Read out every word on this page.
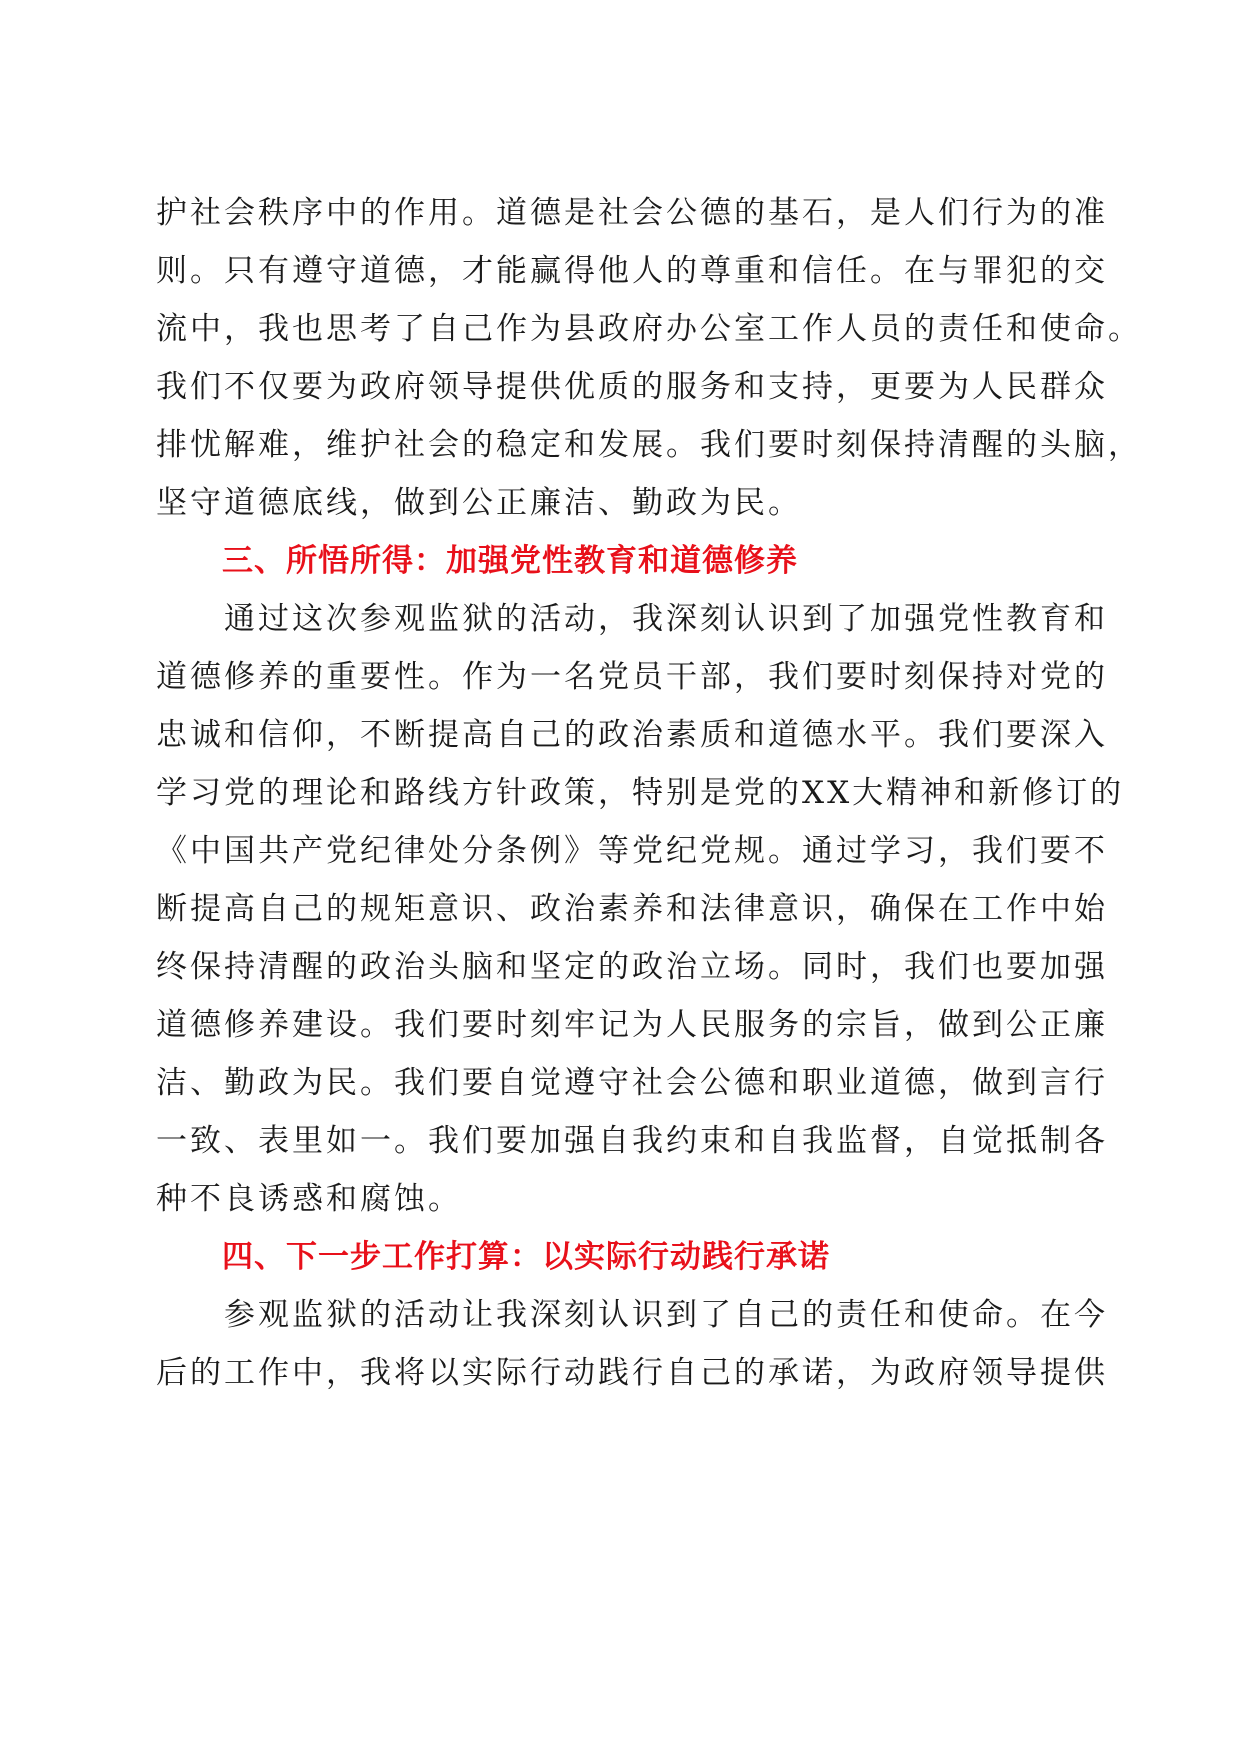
护社会秩序中的作用。道德是社会公德的基石，是人们行为的准
则。只有遵守道德，才能赢得他人的尊重和信任。在与罪犯的交
流中，我也思考了自己作为县政府办公室工作人员的责任和使命。
我们不仅要为政府领导提供优质的服务和支持，更要为人民群众
排忧解难，维护社会的稳定和发展。我们要时刻保持清醒的头脑，
坚守道德底线，做到公正廉洁、勤政为民。
三、所悟所得：加强党性教育和道德修养
通过这次参观监狱的活动，我深刻认识到了加强党性教育和
道德修养的重要性。作为一名党员干部，我们要时刻保持对党的
忠诚和信仰，不断提高自己的政治素质和道德水平。我们要深入
学习党的理论和路线方针政策，特别是党的XX大精神和新修订的
《中国共产党纪律处分条例》等党纪党规。通过学习，我们要不
断提高自己的规矩意识、政治素养和法律意识，确保在工作中始
终保持清醒的政治头脑和坚定的政治立场。同时，我们也要加强
道德修养建设。我们要时刻牢记为人民服务的宗旨，做到公正廉
洁、勤政为民。我们要自觉遵守社会公德和职业道德，做到言行
一致、表里如一。我们要加强自我约束和自我监督，自觉抵制各
种不良诱惑和腐蚀。
四、下一步工作打算：以实际行动践行承诺
参观监狱的活动让我深刻认识到了自己的责任和使命。在今
后的工作中，我将以实际行动践行自己的承诺，为政府领导提供
